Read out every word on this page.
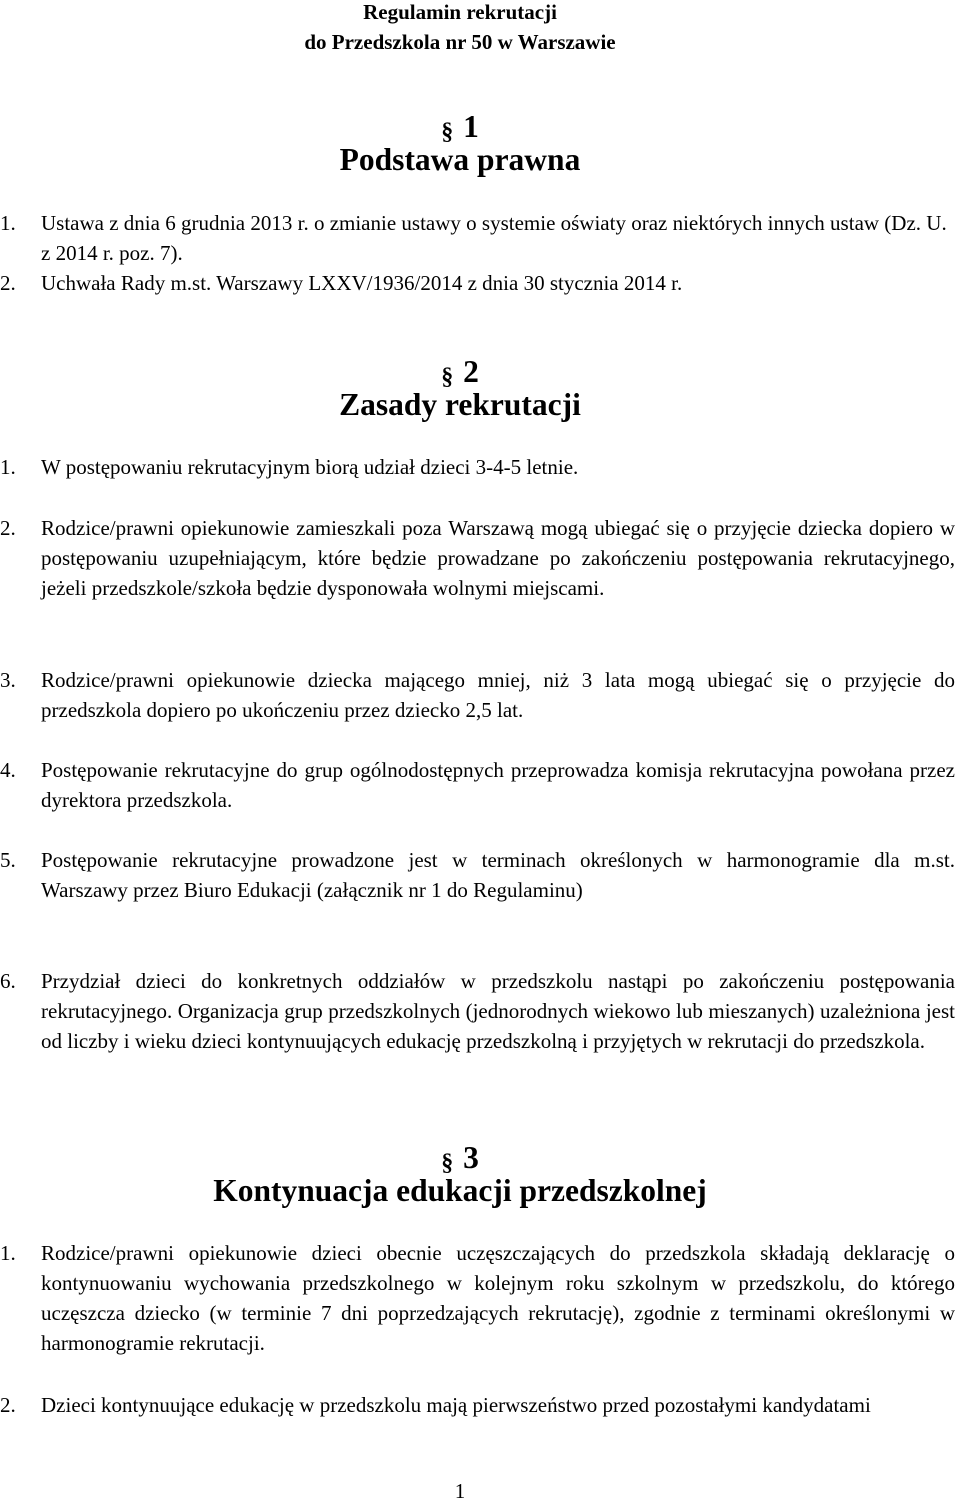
Regulamin rekrutacji
do Przedszkola nr 50 w Warszawie
§ 1
Podstawa prawna
1.	Ustawa z dnia 6 grudnia 2013 r. o zmianie ustawy o systemie oświaty oraz niektórych innych ustaw (Dz. U. z 2014 r. poz. 7).
2.	Uchwała Rady m.st. Warszawy LXXV/1936/2014 z dnia 30 stycznia 2014 r.
§ 2
Zasady rekrutacji
1.	W postępowaniu rekrutacyjnym biorą udział dzieci 3-4-5 letnie.
2.	Rodzice/prawni opiekunowie zamieszkali poza Warszawą mogą ubiegać się o przyjęcie dziecka dopiero w postępowaniu uzupełniającym, które będzie prowadzane po zakończeniu postępowania rekrutacyjnego, jeżeli przedszkole/szkoła będzie dysponowała wolnymi miejscami.
3.	Rodzice/prawni opiekunowie dziecka mającego mniej, niż 3 lata mogą ubiegać się o przyjęcie do przedszkola dopiero po ukończeniu przez dziecko 2,5 lat.
4.	Postępowanie rekrutacyjne do grup ogólnodostępnych przeprowadza komisja rekrutacyjna powołana przez dyrektora przedszkola.
5.	Postępowanie rekrutacyjne prowadzone jest w terminach określonych w harmonogramie dla m.st. Warszawy przez Biuro Edukacji (załącznik nr 1 do Regulaminu)
6.	Przydział dzieci do konkretnych oddziałów w przedszkolu nastąpi po zakończeniu postępowania rekrutacyjnego. Organizacja grup przedszkolnych (jednorodnych wiekowo lub mieszanych) uzależniona jest od liczby i wieku dzieci kontynuujących edukację przedszkolną i przyjętych w rekrutacji do przedszkola.
§ 3
Kontynuacja edukacji przedszkolnej
1.	Rodzice/prawni opiekunowie dzieci obecnie uczęszczających do przedszkola składają deklarację o kontynuowaniu wychowania przedszkolnego w kolejnym roku szkolnym w przedszkolu, do którego uczęszcza dziecko (w terminie 7 dni poprzedzających rekrutację), zgodnie z terminami określonymi w harmonogramie rekrutacji.
2.	Dzieci kontynuujące edukację w przedszkolu mają pierwszeństwo przed pozostałymi kandydatami

1
